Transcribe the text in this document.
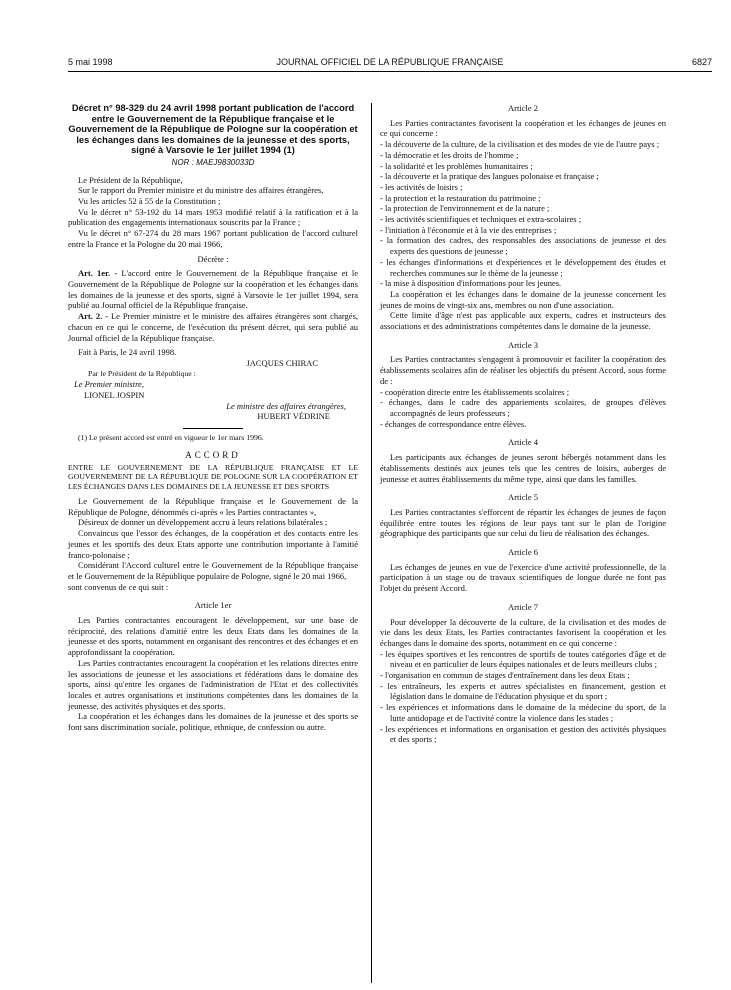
5 mai 1998	JOURNAL OFFICIEL DE LA RÉPUBLIQUE FRANÇAISE	6827

Décret n° 98-329 du 24 avril 1998 portant publication de l'accord entre le Gouvernement de la République française et le Gouvernement de la République de Pologne sur la coopération et les échanges dans les domaines de la jeunesse et des sports, signé à Varsovie le 1er juillet 1994 (1)

NOR : MAEJ9830033D

Le Président de la République,

Sur le rapport du Premier ministre et du ministre des affaires étrangères,

Vu les articles 52 à 55 de la Constitution ;

Vu le décret n° 53-192 du 14 mars 1953 modifié relatif à la ratification et à la publication des engagements internationaux souscrits par la France ;

Vu le décret n° 67-274 du 28 mars 1967 portant publication de l'accord culturel entre la France et la Pologne du 20 mai 1966,

Décrète :

Art. 1er. - L'accord entre le Gouvernement de la République française et le Gouvernement de la République de Pologne sur la coopération et les échanges dans les domaines de la jeunesse et des sports, signé à Varsovie le 1er juillet 1994, sera publié au Journal officiel de la République française.

Art. 2. - Le Premier ministre et le ministre des affaires étrangères sont chargés, chacun en ce qui le concerne, de l'exécution du présent décret, qui sera publié au Journal officiel de la République française.

Fait à Paris, le 24 avril 1998.

JACQUES CHIRAC

Par le Président de la République :

Le Premier ministre,

LIONEL JOSPIN

Le ministre des affaires étrangères,

HUBERT VÉDRINE

(1) Le présent accord est entré en vigueur le 1er mars 1996.

ACCORD

ENTRE LE GOUVERNEMENT DE LA RÉPUBLIQUE FRANÇAISE ET LE GOUVERNEMENT DE LA RÉPUBLIQUE DE POLOGNE SUR LA COOPÉRATION ET LES ÉCHANGES DANS LES DOMAINES DE LA JEUNESSE ET DES SPORTS

Le Gouvernement de la République française et le Gouvernement de la République de Pologne, dénommés ci-après « les Parties contractantes »,

Désireux de donner un développement accru à leurs relations bilatérales ;

Convaincus que l'essor des échanges, de la coopération et des contacts entre les jeunes et les sportifs des deux Etats apporte une contribution importante à l'amitié franco-polonaise ;

Considérant l'Accord culturel entre le Gouvernement de la République française et le Gouvernement de la République populaire de Pologne, signé le 20 mai 1966,

sont convenus de ce qui suit :

Article 1er

Les Parties contractantes encouragent le développement, sur une base de réciprocité, des relations d'amitié entre les deux Etats dans les domaines de la jeunesse et des sports, notamment en organisant des rencontres et des échanges et en approfondissant la coopération.

Les Parties contractantes encouragent la coopération et les relations directes entre les associations de jeunesse et les associations et fédérations dans le domaine des sports, ainsi qu'entre les organes de l'administration de l'Etat et des collectivités locales et autres organisations et institutions compétentes dans les domaines de la jeunesse, des activités physiques et des sports.

La coopération et les échanges dans les domaines de la jeunesse et des sports se font sans discrimination sociale, politique, ethnique, de confession ou autre.

Article 2

Les Parties contractantes favorisent la coopération et les échanges de jeunes en ce qui concerne :

- la découverte de la culture, de la civilisation et des modes de vie de l'autre pays ;

- la démocratie et les droits de l'homme ;

- la solidarité et les problèmes humanitaires ;

- la découverte et la pratique des langues polonaise et française ;

- les activités de loisirs ;

- la protection et la restauration du patrimoine ;

- la protection de l'environnement et de la nature ;

- les activités scientifiques et techniques et extra-scolaires ;

- l'initiation à l'économie et à la vie des entreprises ;

- la formation des cadres, des responsables des associations de jeunesse et des experts des questions de jeunesse ;

- les échanges d'informations et d'expériences et le développement des études et recherches communes sur le thème de la jeunesse ;

- la mise à disposition d'informations pour les jeunes.

La coopération et les échanges dans le domaine de la jeunesse concernent les jeunes de moins de vingt-six ans, membres ou non d'une association.

Cette limite d'âge n'est pas applicable aux experts, cadres et instructeurs des associations et des administrations compétentes dans le domaine de la jeunesse.

Article 3

Les Parties contractantes s'engagent à promouvoir et faciliter la coopération des établissements scolaires afin de réaliser les objectifs du présent Accord, sous forme de :

- coopération directe entre les établissements scolaires ;

- échanges, dans le cadre des appariements scolaires, de groupes d'élèves accompagnés de leurs professeurs ;

- échanges de correspondance entre élèves.

Article 4

Les participants aux échanges de jeunes seront hébergés notamment dans les établissements destinés aux jeunes tels que les centres de loisirs, auberges de jeunesse et autres établissements du même type, ainsi que dans les familles.

Article 5

Les Parties contractantes s'efforcent de répartir les échanges de jeunes de façon équilibrée entre toutes les régions de leur pays tant sur le plan de l'origine géographique des participants que sur celui du lieu de réalisation des échanges.

Article 6

Les échanges de jeunes en vue de l'exercice d'une activité professionnelle, de la participation à un stage ou de travaux scientifiques de longue durée ne font pas l'objet du présent Accord.

Article 7

Pour développer la découverte de la culture, de la civilisation et des modes de vie dans les deux Etats, les Parties contractantes favorisent la coopération et les échanges dans le domaine des sports, notamment en ce qui concerne :

- les équipes sportives et les rencontres de sportifs de toutes catégories d'âge et de niveau et en particulier de leurs équipes nationales et de leurs meilleurs clubs ;

- l'organisation en commun de stages d'entraînement dans les deux Etats ;

- les entraîneurs, les experts et autres spécialistes en financement, gestion et législation dans le domaine de l'éducation physique et du sport ;

- les expériences et informations dans le domaine de la médecine du sport, de la lutte antidopage et de l'activité contre la violence dans les stades ;

- les expériences et informations en organisation et gestion des activités physiques et des sports ;
